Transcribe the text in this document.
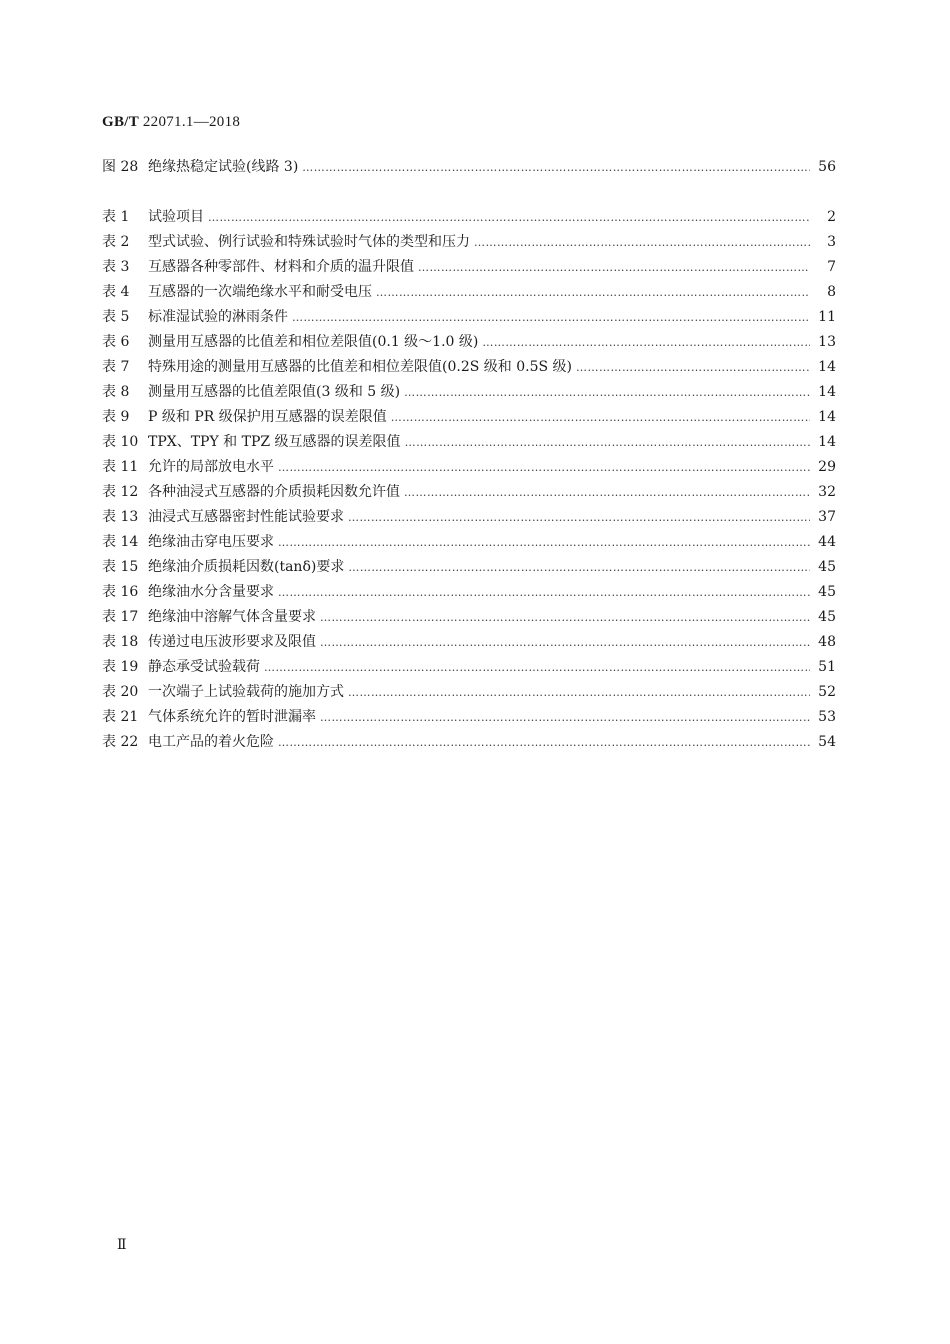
GB/T 22071.1—2018
图 28 绝缘热稳定试验(线路 3) ………………………………………………………………………………………………………………………………………………………………	56
表 1	试验项目 ………………………………………………………………………………………………………………………………………………………………	2
表 2	型式试验、例行试验和特殊试验时气体的类型和压力 ………………………………………………………………………………………………………………………………………………………………	3
表 3	互感器各种零部件、材料和介质的温升限值 ………………………………………………………………………………………………………………………………………………………………	7
表 4	互感器的一次端绝缘水平和耐受电压 ………………………………………………………………………………………………………………………………………………………………	8
表 5	标准湿试验的淋雨条件 ………………………………………………………………………………………………………………………………………………………………	11
表 6	测量用互感器的比值差和相位差限值(0.1 级～1.0 级) ………………………………………………………………………………………………………………………………………………………………	13
表 7	特殊用途的测量用互感器的比值差和相位差限值(0.2S 级和 0.5S 级) ………………………………………………………………………………………………………………………………………………………………	14
表 8	测量用互感器的比值差限值(3 级和 5 级) ………………………………………………………………………………………………………………………………………………………………	14
表 9	P 级和 PR 级保护用互感器的误差限值 ………………………………………………………………………………………………………………………………………………………………	14
表 10 TPX、TPY 和 TPZ 级互感器的误差限值 ………………………………………………………………………………………………………………………………………………………………	14
表 11 允许的局部放电水平 ………………………………………………………………………………………………………………………………………………………………	29
表 12 各种油浸式互感器的介质损耗因数允许值 ………………………………………………………………………………………………………………………………………………………………	32
表 13 油浸式互感器密封性能试验要求 ………………………………………………………………………………………………………………………………………………………………	37
表 14 绝缘油击穿电压要求 ………………………………………………………………………………………………………………………………………………………………	44
表 15 绝缘油介质损耗因数(tanδ)要求 ………………………………………………………………………………………………………………………………………………………………	45
表 16 绝缘油水分含量要求 ………………………………………………………………………………………………………………………………………………………………	45
表 17 绝缘油中溶解气体含量要求 ………………………………………………………………………………………………………………………………………………………………	45
表 18 传递过电压波形要求及限值 ………………………………………………………………………………………………………………………………………………………………	48
表 19 静态承受试验载荷 ………………………………………………………………………………………………………………………………………………………………	51
表 20 一次端子上试验载荷的施加方式 ………………………………………………………………………………………………………………………………………………………………	52
表 21 气体系统允许的暂时泄漏率 ………………………………………………………………………………………………………………………………………………………………	53
表 22 电工产品的着火危险 ………………………………………………………………………………………………………………………………………………………………	54
Ⅱ
